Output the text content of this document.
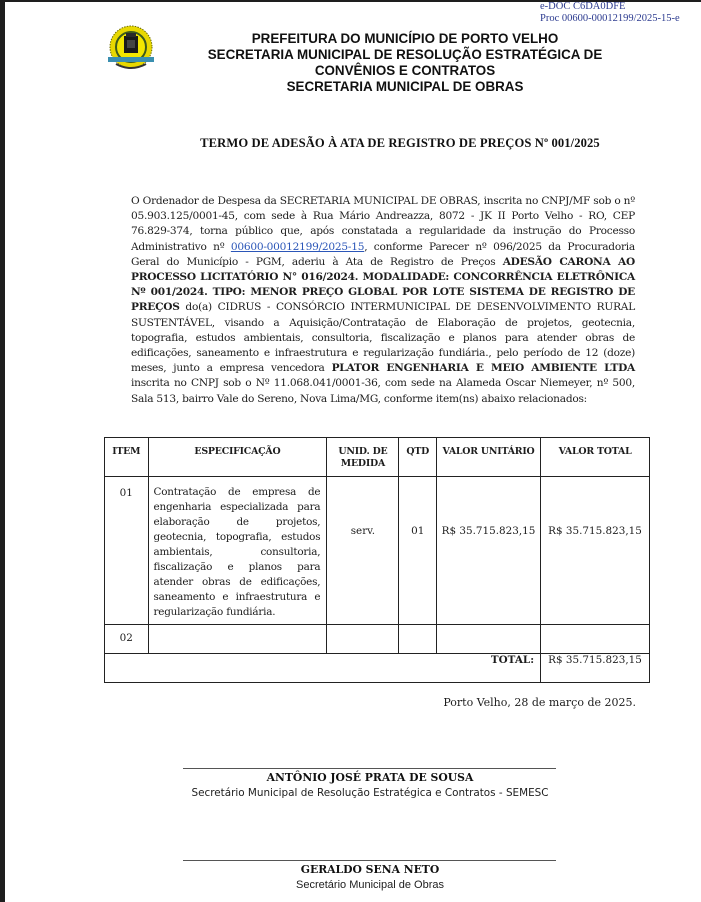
e-DOC C6DA0DFE
Proc 00600-00012199/2025-15-e
PREFEITURA DO MUNICÍPIO DE PORTO VELHO
SECRETARIA MUNICIPAL DE RESOLUÇÃO ESTRATÉGICA DE
CONVÊNIOS E CONTRATOS
SECRETARIA MUNICIPAL DE OBRAS
TERMO DE ADESÃO À ATA DE REGISTRO DE PREÇOS Nº 001/2025
O Ordenador de Despesa da SECRETARIA MUNICIPAL DE OBRAS, inscrita no CNPJ/MF sob o nº 05.903.125/0001-45, com sede à Rua Mário Andreazza, 8072 - JK II Porto Velho - RO, CEP 76.829-374, torna público que, após constatada a regularidade da instrução do Processo Administrativo nº 00600-00012199/2025-15, conforme Parecer nº 096/2025 da Procuradoria Geral do Município - PGM, aderiu à Ata de Registro de Preços ADESÃO CARONA AO PROCESSO LICITATÓRIO N° 016/2024. MODALIDADE: CONCORRÊNCIA ELETRÔNICA Nº 001/2024. TIPO: MENOR PREÇO GLOBAL POR LOTE SISTEMA DE REGISTRO DE PREÇOS do(a) CIDRUS - CONSÓRCIO INTERMUNICIPAL DE DESENVOLVIMENTO RURAL SUSTENTÁVEL, visando a Aquisição/Contratação de Elaboração de projetos, geotecnia, topografia, estudos ambientais, consultoria, fiscalização e planos para atender obras de edificações, saneamento e infraestrutura e regularização fundiária., pelo período de 12 (doze) meses, junto a empresa vencedora PLATOR ENGENHARIA E MEIO AMBIENTE LTDA inscrita no CNPJ sob o Nº 11.068.041/0001-36, com sede na Alameda Oscar Niemeyer, nº 500, Sala 513, bairro Vale do Sereno, Nova Lima/MG, conforme item(ns) abaixo relacionados:
ITEM	ESPECIFICAÇÃO	UNID. DE MEDIDA	QTD	VALOR UNITÁRIO	VALOR TOTAL

01	Contratação de empresa de engenharia especializada para elaboração de projetos, geotecnia, topografia, estudos ambientais, consultoria, fiscalização e planos para atender obras de edificações, saneamento e infraestrutura e regularização fundiária.	serv.	01	R$ 35.715.823,15	R$ 35.715.823,15

02					

TOTAL:					R$ 35.715.823,15
Porto Velho, 28 de março de 2025.
ANTÔNIO JOSÉ PRATA DE SOUSA
Secretário Municipal de Resolução Estratégica e Contratos - SEMESC
GERALDO SENA NETO
Secretário Municipal de Obras
